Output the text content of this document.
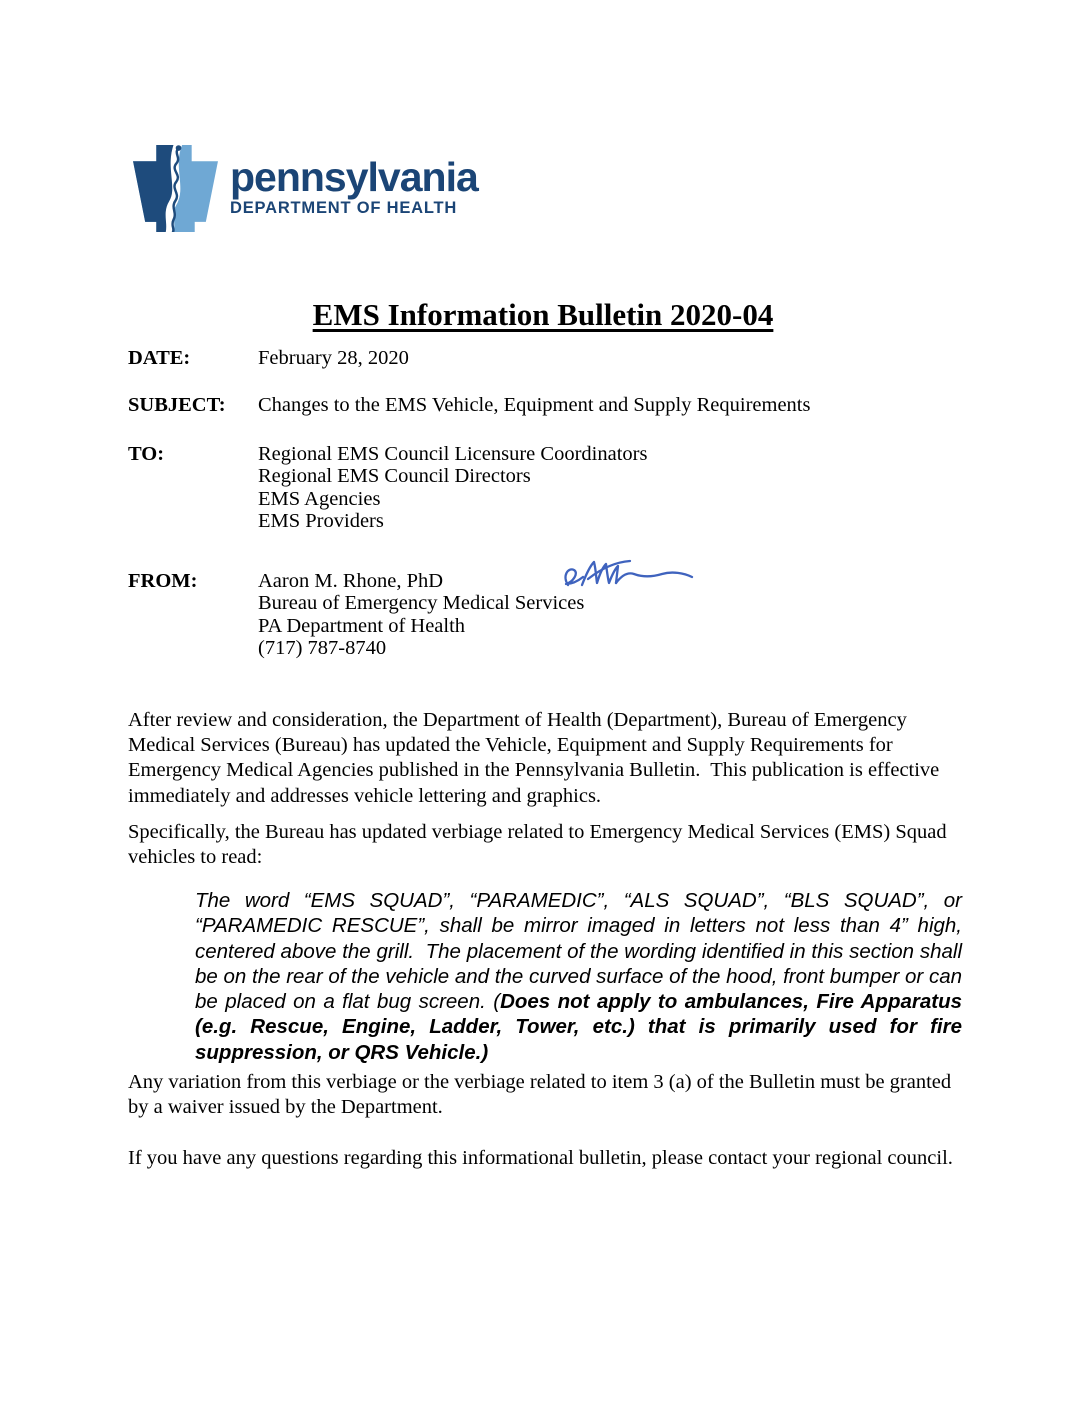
pennsylvania
DEPARTMENT OF HEALTH
EMS Information Bulletin 2020-04
DATE:	February 28, 2020
SUBJECT:	Changes to the EMS Vehicle, Equipment and Supply Requirements
TO:	Regional EMS Council Licensure Coordinators
Regional EMS Council Directors
EMS Agencies
EMS Providers
FROM:	Aaron M. Rhone, PhD
Bureau of Emergency Medical Services
PA Department of Health
(717) 787-8740
After review and consideration, the Department of Health (Department), Bureau of Emergency Medical Services (Bureau) has updated the Vehicle, Equipment and Supply Requirements for Emergency Medical Agencies published in the Pennsylvania Bulletin.  This publication is effective immediately and addresses vehicle lettering and graphics.
Specifically, the Bureau has updated verbiage related to Emergency Medical Services (EMS) Squad vehicles to read:
The word “EMS SQUAD”, “PARAMEDIC”, “ALS SQUAD”, “BLS SQUAD”, or “PARAMEDIC RESCUE”, shall be mirror imaged in letters not less than 4” high, centered above the grill.  The placement of the wording identified in this section shall be on the rear of the vehicle and the curved surface of the hood, front bumper or can be placed on a flat bug screen. (Does not apply to ambulances, Fire Apparatus (e.g. Rescue, Engine, Ladder, Tower, etc.) that is primarily used for fire suppression, or QRS Vehicle.)
Any variation from this verbiage or the verbiage related to item 3 (a) of the Bulletin must be granted by a waiver issued by the Department.
If you have any questions regarding this informational bulletin, please contact your regional council.
